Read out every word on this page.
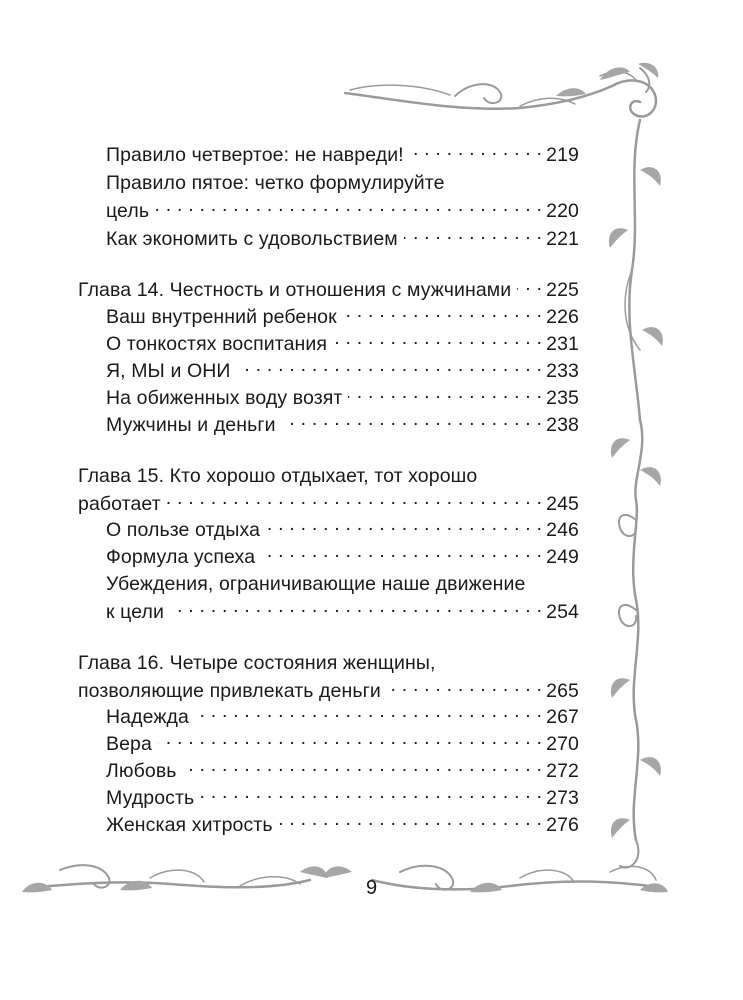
Правило четвертое: не навреди! . . .	219
Правило пятое: четко формулируйте
цель . . .	220
Как экономить с удовольствием . . .	221
Глава 14. Честность и отношения с мужчинами . . . 225
Ваш внутренний ребенок . . .	226
О тонкостях воспитания . . .	231
Я, МЫ и ОНИ . . .	233
На обиженных воду возят . . .	235
Мужчины и деньги . . .	238
Глава 15. Кто хорошо отдыхает, тот хорошо
работает . . .	245
О пользе отдыха . . .	246
Формула успеха . . .	249
Убеждения, ограничивающие наше движение
к цели . . .	254
Глава 16. Четыре состояния женщины,
позволяющие привлекать деньги . . .	265
Надежда . . .	267
Вера . . .	270
Любовь . . .	272
Мудрость . . .	273
Женская хитрость . . .	276
9
